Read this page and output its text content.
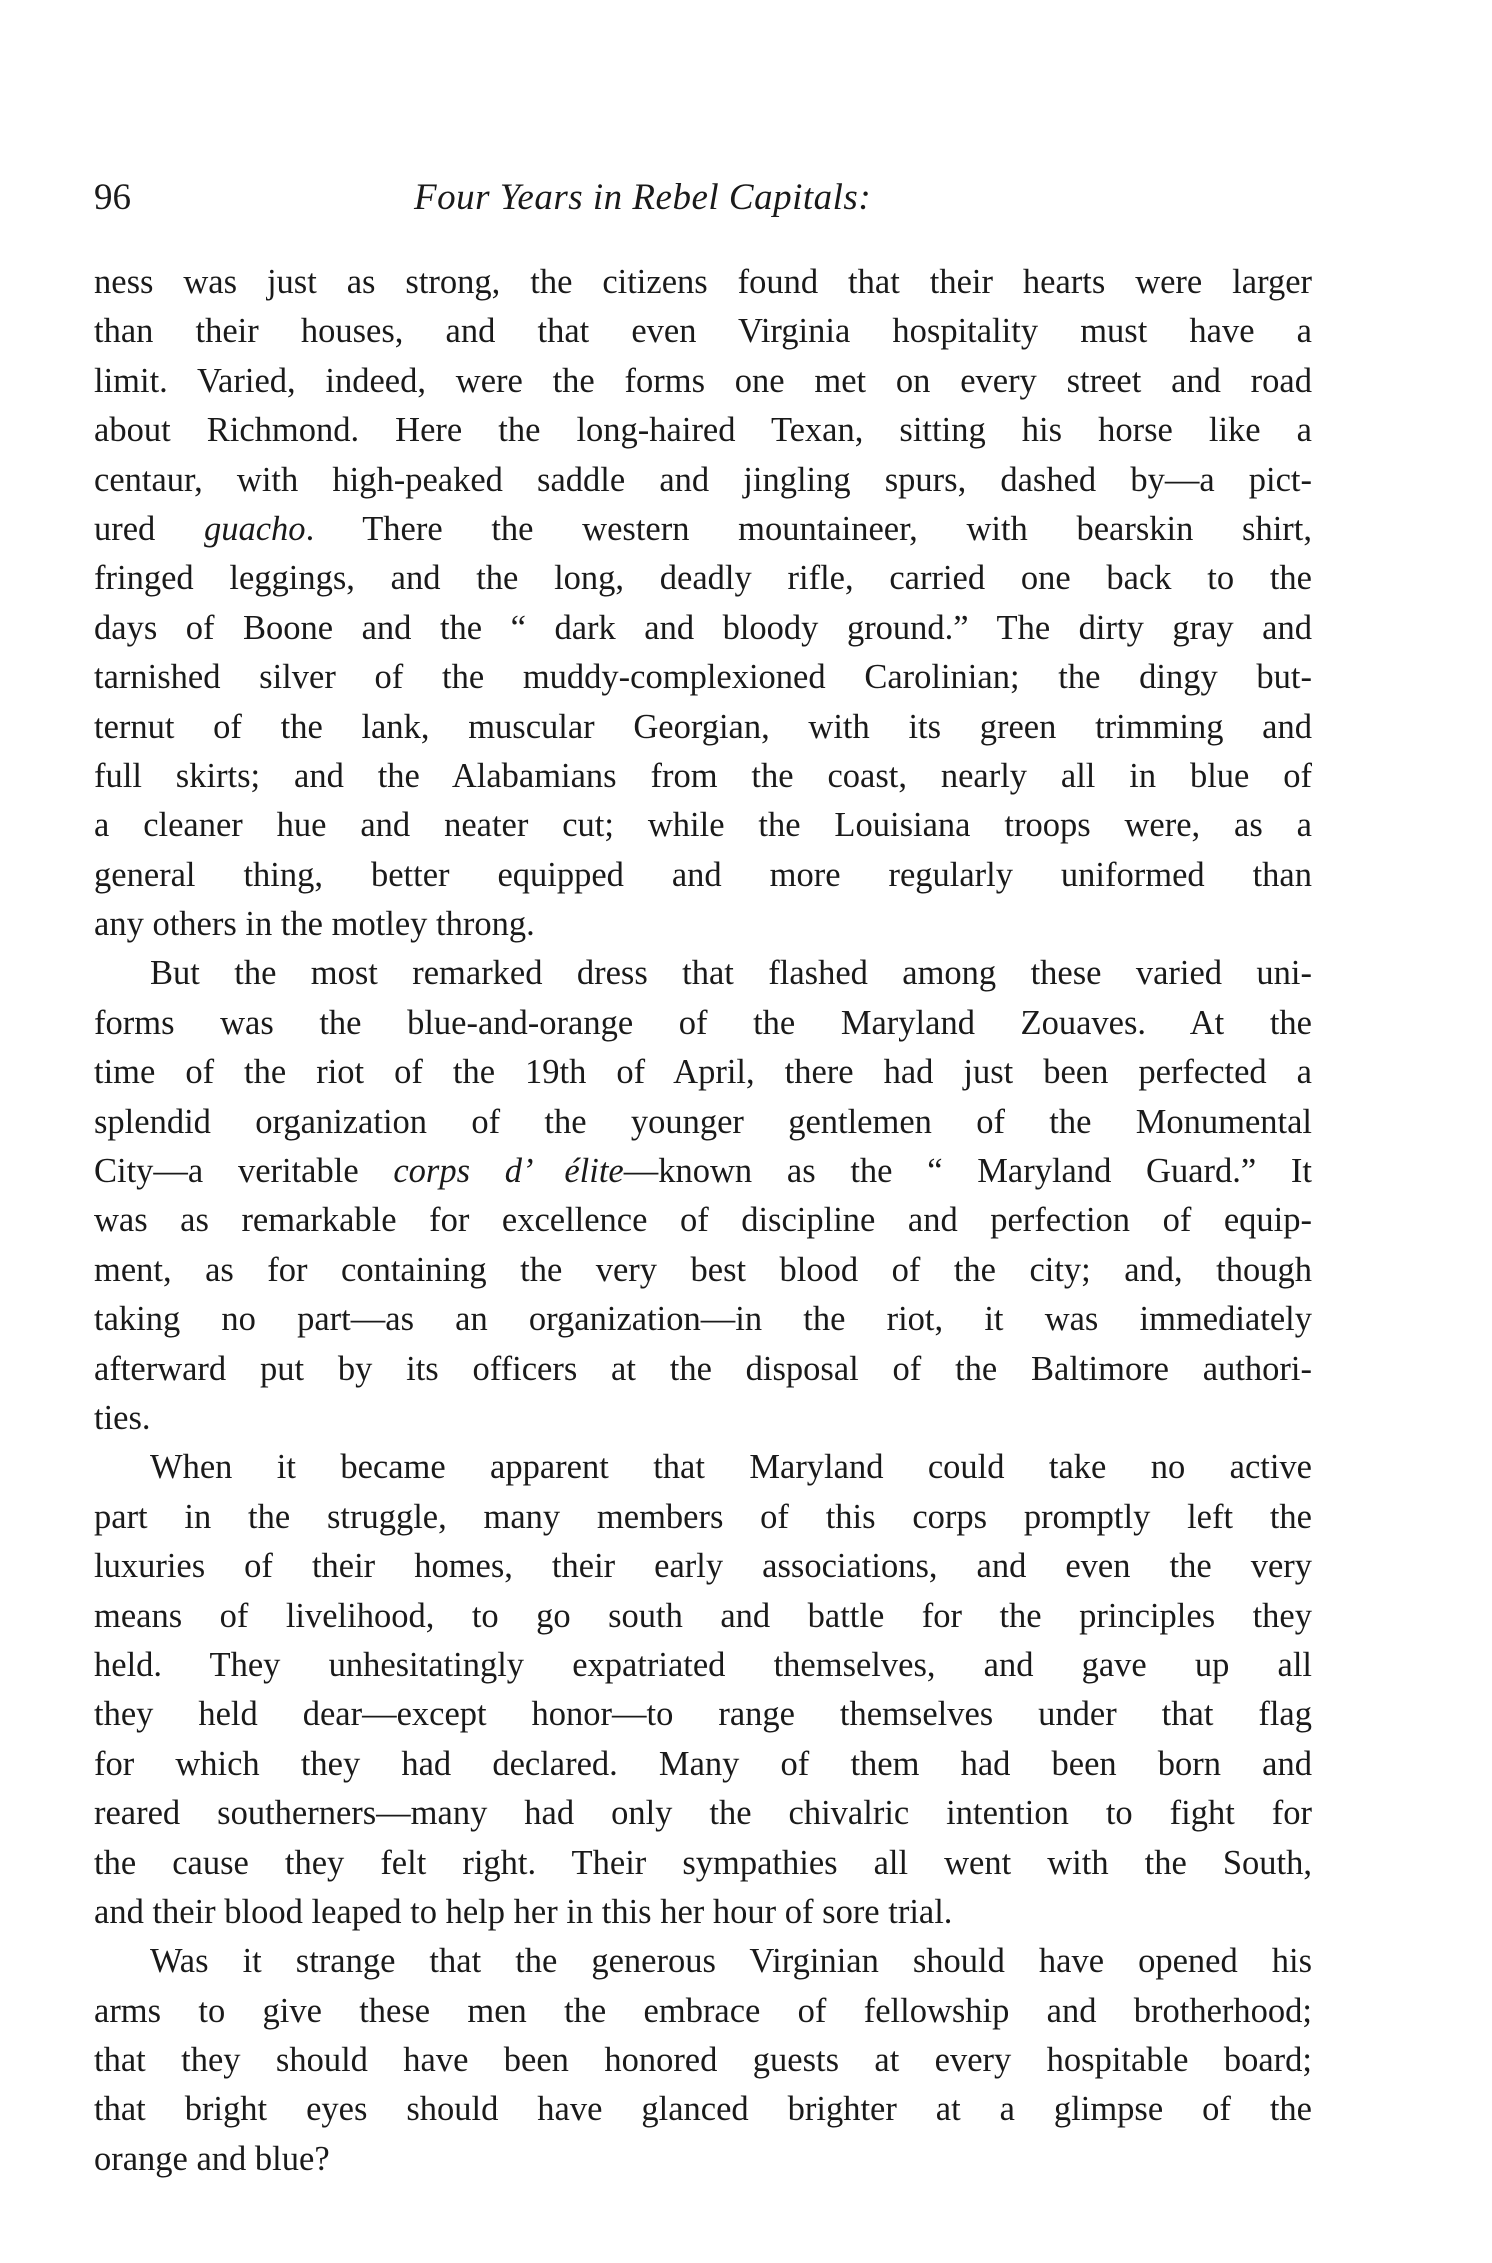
96	Four Years in Rebel Capitals:

ness was just as strong, the citizens found that their hearts were larger
than their houses, and that even Virginia hospitality must have a
limit. Varied, indeed, were the forms one met on every street and road
about Richmond. Here the long-haired Texan, sitting his horse like a
centaur, with high-peaked saddle and jingling spurs, dashed by—a pict-
ured guacho. There the western mountaineer, with bearskin shirt,
fringed leggings, and the long, deadly rifle, carried one back to the
days of Boone and the “ dark and bloody ground.” The dirty gray and
tarnished silver of the muddy-complexioned Carolinian; the dingy but-
ternut of the lank, muscular Georgian, with its green trimming and
full skirts; and the Alabamians from the coast, nearly all in blue of
a cleaner hue and neater cut; while the Louisiana troops were, as a
general thing, better equipped and more regularly uniformed than
any others in the motley throng.

But the most remarked dress that flashed among these varied uni-
forms was the blue-and-orange of the Maryland Zouaves. At the
time of the riot of the 19th of April, there had just been perfected a
splendid organization of the younger gentlemen of the Monumental
City—a veritable corps d’ élite—known as the “ Maryland Guard.” It
was as remarkable for excellence of discipline and perfection of equip-
ment, as for containing the very best blood of the city; and, though
taking no part—as an organization—in the riot, it was immediately
afterward put by its officers at the disposal of the Baltimore authori-
ties.

When it became apparent that Maryland could take no active
part in the struggle, many members of this corps promptly left the
luxuries of their homes, their early associations, and even the very
means of livelihood, to go south and battle for the principles they
held. They unhesitatingly expatriated themselves, and gave up all
they held dear—except honor—to range themselves under that flag
for which they had declared. Many of them had been born and
reared southerners—many had only the chivalric intention to fight for
the cause they felt right. Their sympathies all went with the South,
and their blood leaped to help her in this her hour of sore trial.

Was it strange that the generous Virginian should have opened his
arms to give these men the embrace of fellowship and brotherhood;
that they should have been honored guests at every hospitable board;
that bright eyes should have glanced brighter at a glimpse of the
orange and blue?
